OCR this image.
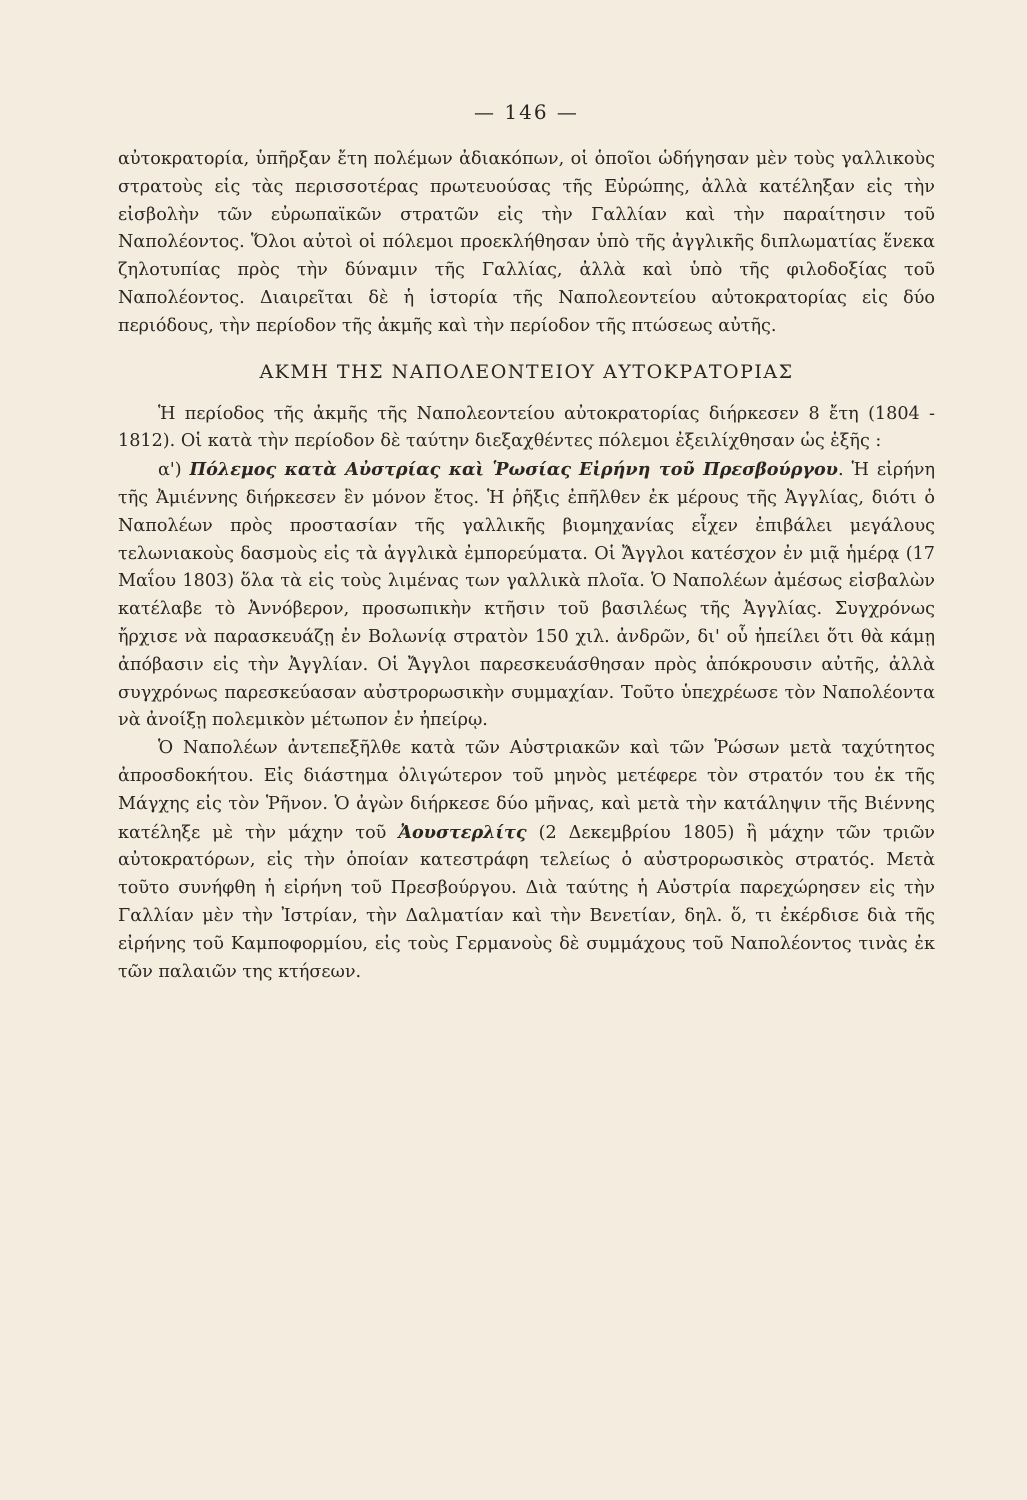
— 146 —

αὐτοκρατορία, ὑπῆρξαν ἔτη πολέμων ἀδιακόπων, οἱ ὁποῖοι ὡδήγησαν μὲν τοὺς γαλλικοὺς στρατοὺς εἰς τὰς περισσοτέρας πρωτευούσας τῆς Εὐρώπης, ἀλλὰ κατέληξαν εἰς τὴν εἰσβολὴν τῶν εὐρωπαϊκῶν στρατῶν εἰς τὴν Γαλλίαν καὶ τὴν παραίτησιν τοῦ Ναπολέοντος. Ὅλοι αὐτοὶ οἱ πόλεμοι προεκλήθησαν ὑπὸ τῆς ἀγγλικῆς διπλωματίας ἕνεκα ζηλοτυπίας πρὸς τὴν δύναμιν τῆς Γαλλίας, ἀλλὰ καὶ ὑπὸ τῆς φιλοδοξίας τοῦ Ναπολέοντος. Διαιρεῖται δὲ ἡ ἱστορία τῆς Ναπολεοντείου αὐτοκρατορίας εἰς δύο περιόδους, τὴν περίοδον τῆς ἀκμῆς καὶ τὴν περίοδον τῆς πτώσεως αὐτῆς.

ΑΚΜΗ ΤΗΣ ΝΑΠΟΛΕΟΝΤΕΙΟΥ ΑΥΤΟΚΡΑΤΟΡΙΑΣ

Ἡ περίοδος τῆς ἀκμῆς τῆς Ναπολεοντείου αὐτοκρατορίας διήρκεσεν 8 ἔτη (1804 - 1812). Οἱ κατὰ τὴν περίοδον δὲ ταύτην διεξαχθέντες πόλεμοι ἐξειλίχθησαν ὡς ἑξῆς :

α') Πόλεμος κατὰ Αὐστρίας καὶ Ῥωσίας Εἰρήνη τοῦ Πρεσβούργου. Ἡ εἰρήνη τῆς Ἀμιέννης διήρκεσεν ἓν μόνον ἔτος. Ἡ ῥῆξις ἐπῆλθεν ἐκ μέρους τῆς Ἀγγλίας, διότι ὁ Ναπολέων πρὸς προστασίαν τῆς γαλλικῆς βιομηχανίας εἶχεν ἐπιβάλει μεγάλους τελωνιακοὺς δασμοὺς εἰς τὰ ἀγγλικὰ ἐμπορεύματα. Οἱ Ἄγγλοι κατέσχον ἐν μιᾷ ἡμέρᾳ (17 Μαΐου 1803) ὅλα τὰ εἰς τοὺς λιμένας των γαλλικὰ πλοῖα. Ὁ Ναπολέων ἀμέσως εἰσβαλὼν κατέλαβε τὸ Ἀννόβερον, προσωπικὴν κτῆσιν τοῦ βασιλέως τῆς Ἀγγλίας. Συγχρόνως ἤρχισε νὰ παρασκευάζῃ ἐν Βολωνίᾳ στρατὸν 150 χιλ. ἀνδρῶν, δι' οὗ ἠπείλει ὅτι θὰ κάμῃ ἀπόβασιν εἰς τὴν Ἀγγλίαν. Οἱ Ἄγγλοι παρεσκευάσθησαν πρὸς ἀπόκρουσιν αὐτῆς, ἀλλὰ συγχρόνως παρεσκεύασαν αὐστρορωσικὴν συμμαχίαν. Τοῦτο ὑπεχρέωσε τὸν Ναπολέοντα νὰ ἀνοίξῃ πολεμικὸν μέτωπον ἐν ἠπείρῳ.

Ὁ Ναπολέων ἀντεπεξῆλθε κατὰ τῶν Αὐστριακῶν καὶ τῶν Ῥώσων μετὰ ταχύτητος ἀπροσδοκήτου. Εἰς διάστημα ὀλιγώτερον τοῦ μηνὸς μετέφερε τὸν στρατόν του ἐκ τῆς Μάγχης εἰς τὸν Ῥῆνον. Ὁ ἀγὼν διήρκεσε δύο μῆνας, καὶ μετὰ τὴν κατάληψιν τῆς Βιέννης κατέληξε μὲ τὴν μάχην τοῦ Ἀουστερλίτς (2 Δεκεμβρίου 1805) ἢ μάχην τῶν τριῶν αὐτοκρατόρων, εἰς τὴν ὁποίαν κατεστράφη τελείως ὁ αὐστρορωσικὸς στρατός. Μετὰ τοῦτο συνήφθη ἡ εἰρήνη τοῦ Πρεσβούργου. Διὰ ταύτης ἡ Αὐστρία παρεχώρησεν εἰς τὴν Γαλλίαν μὲν τὴν Ἰστρίαν, τὴν Δαλματίαν καὶ τὴν Βενετίαν, δηλ. ὅ, τι ἐκέρδισε διὰ τῆς εἰρήνης τοῦ Καμποφορμίου, εἰς τοὺς Γερμανοὺς δὲ συμμάχους τοῦ Ναπολέοντος τινὰς ἐκ τῶν παλαιῶν της κτήσεων.
